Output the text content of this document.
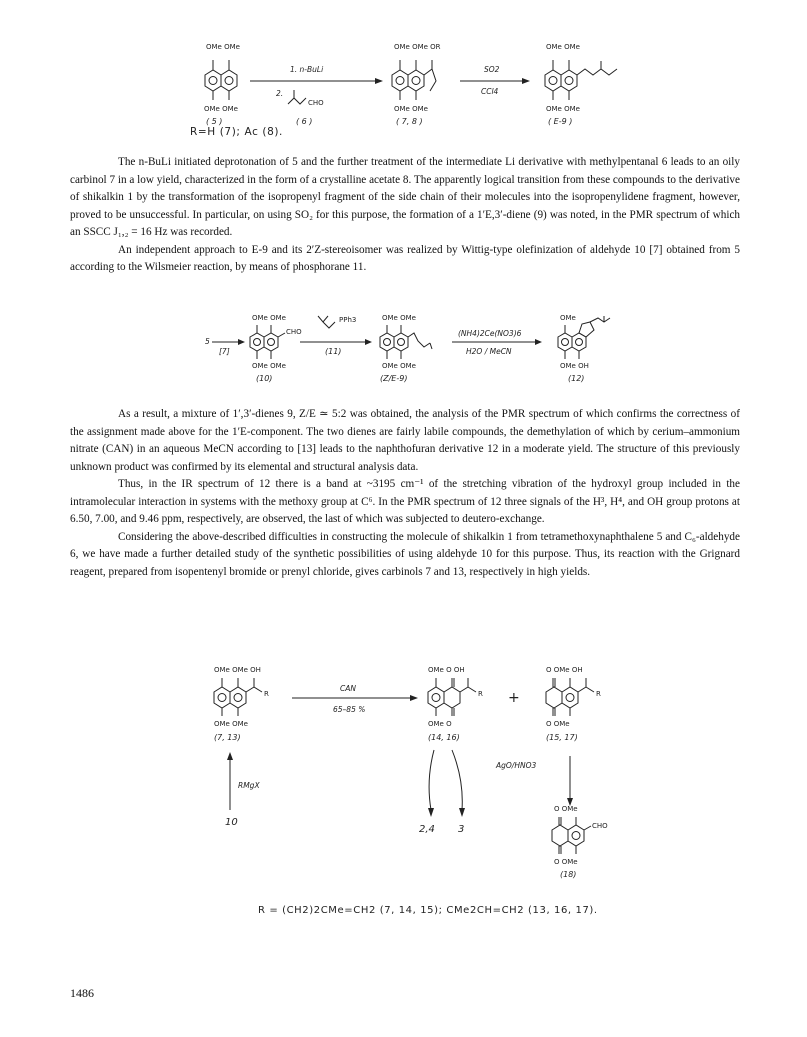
OMe OMe
OMe OMe
( 5 )
1. n-BuLi
2.
CHO
( 6 )
OMe OMe OR
OMe OMe
( 7, 8 )
SO2
CCl4
OMe OMe
OMe OMe
( E-9 )
R=H (7); Ac (8).

The n-BuLi initiated deprotonation of 5 and the further treatment of the intermediate Li derivative with methylpentanal 6 leads to an oily carbinol 7 in a low yield, characterized in the form of a crystalline acetate 8. The apparently logical transition from these compounds to the derivative of shikalkin 1 by the transformation of the isopropenyl fragment of the side chain of their molecules into the isopropenylidene fragment, however, proved to be unsuccessful. In particular, on using SO₂ for this purpose, the formation of a 1′E,3′-diene (9) was noted, in the PMR spectrum of which an SSCC J₁,₂ = 16 Hz was recorded.

An independent approach to E-9 and its 2′Z-stereoisomer was realized by Wittig-type olefinization of aldehyde 10 [7] obtained from 5 according to the Wilsmeier reaction, by means of phosphorane 11.

5
[7]
OMe OMe
CHO
OMe OMe
(10)
PPh3
(11)
OMe OMe
OMe OMe
(Z/E-9)
(NH4)2Ce(NO3)6
H2O / MeCN
OMe
OMe OH
(12)

As a result, a mixture of 1′,3′-dienes 9, Z/E ≃ 5:2 was obtained, the analysis of the PMR spectrum of which confirms the correctness of the assignment made above for the 1′E-component. The two dienes are fairly labile compounds, the demethylation of which by cerium–ammonium nitrate (CAN) in an aqueous MeCN according to [13] leads to the naphthofuran derivative 12 in a moderate yield. The structure of this previously unknown product was confirmed by its elemental and structural analysis data.

Thus, in the IR spectrum of 12 there is a band at ~3195 cm⁻¹ of the stretching vibration of the hydroxyl group included in the intramolecular interaction in systems with the methoxy group at C⁶. In the PMR spectrum of 12 three signals of the H³, H⁴, and OH group protons at 6.50, 7.00, and 9.46 ppm, respectively, are observed, the last of which was subjected to deutero-exchange.

Considering the above-described difficulties in constructing the molecule of shikalkin 1 from tetramethoxynaphthalene 5 and C₆-aldehyde 6, we have made a further detailed study of the synthetic possibilities of using aldehyde 10 for this purpose. Thus, its reaction with the Grignard reagent, prepared from isopentenyl bromide or prenyl chloride, gives carbinols 7 and 13, respectively in high yields.

OMe OMe OH
R
OMe OMe
(7, 13)
CAN
65–85 %
OMe O OH
R
OMe O
(14, 16)
+
O OMe OH
R
O OMe
(15, 17)
RMgX
10
2,4 3
AgO/HNO3
O OMe
CHO
O OMe
(18)
R = (CH2)2CMe=CH2 (7, 14, 15); CMe2CH=CH2 (13, 16, 17).
1486
